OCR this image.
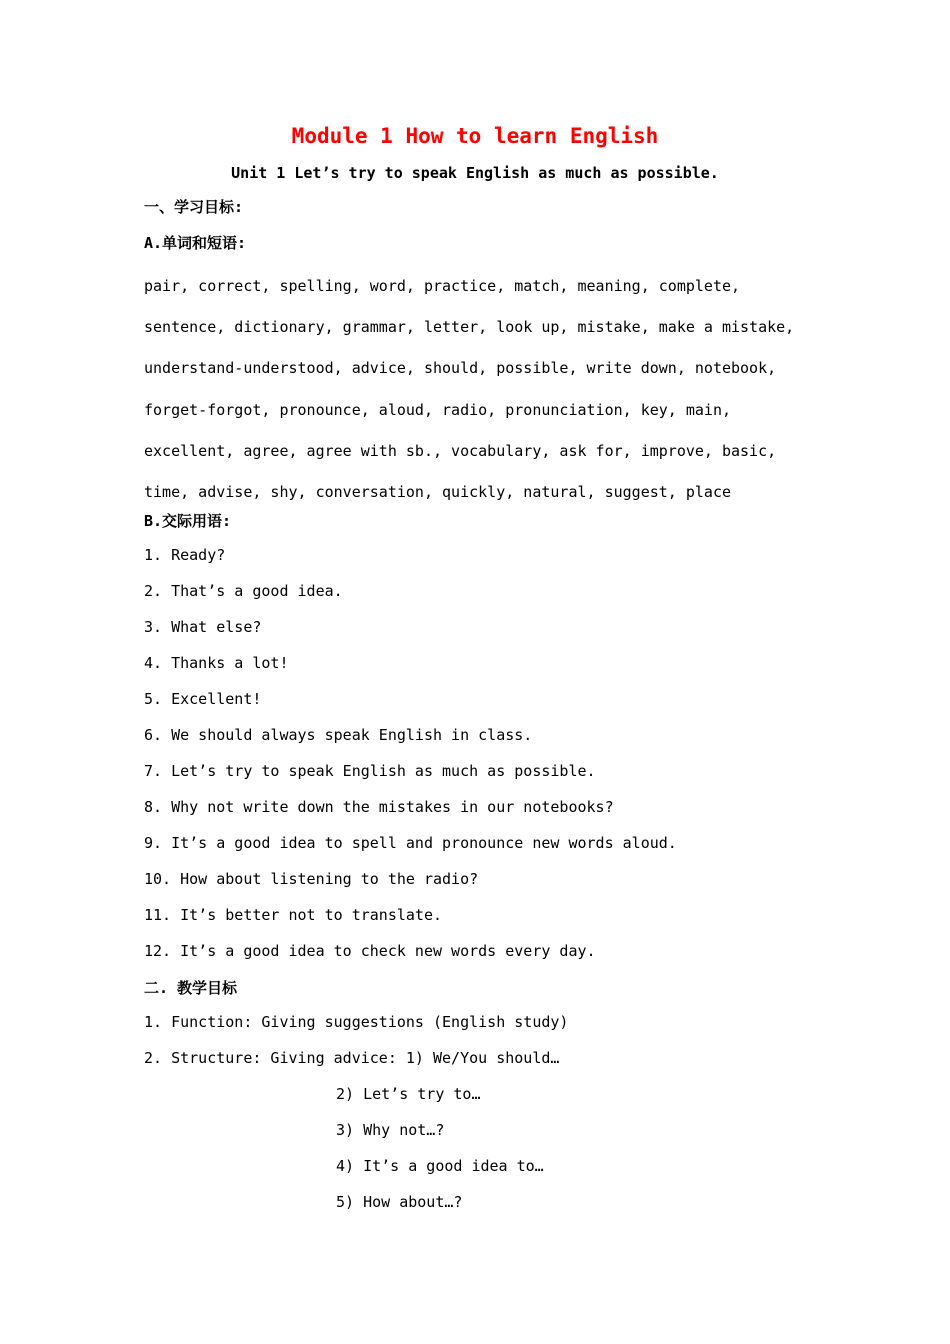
Module 1 How to learn English
Unit 1 Let’s try to speak English as much as possible.
一、学习目标:
A.单词和短语:

pair, correct, spelling, word, practice, match, meaning, complete, sentence, dictionary, grammar, letter, look up, mistake, make a mistake, understand-understood, advice, should, possible, write down, notebook, forget-forgot, pronounce, aloud, radio, pronunciation, key, main, excellent, agree, agree with sb., vocabulary, ask for, improve, basic, time, advise, shy, conversation, quickly, natural, suggest, place

B.交际用语:
1. Ready?
2. That’s a good idea.
3. What else?
4. Thanks a lot!
5. Excellent!
6. We should always speak English in class.
7. Let’s try to speak English as much as possible.
8. Why not write down the mistakes in our notebooks?
9. It’s a good idea to spell and pronounce new words aloud.
10. How about listening to the radio?
11. It’s better not to translate.
12. It’s a good idea to check new words every day.
二. 教学目标
1. Function: Giving suggestions (English study)
2. Structure: Giving advice: 1) We/You should…
2) Let’s try to…
3) Why not…?
4) It’s a good idea to…
5) How about…?
